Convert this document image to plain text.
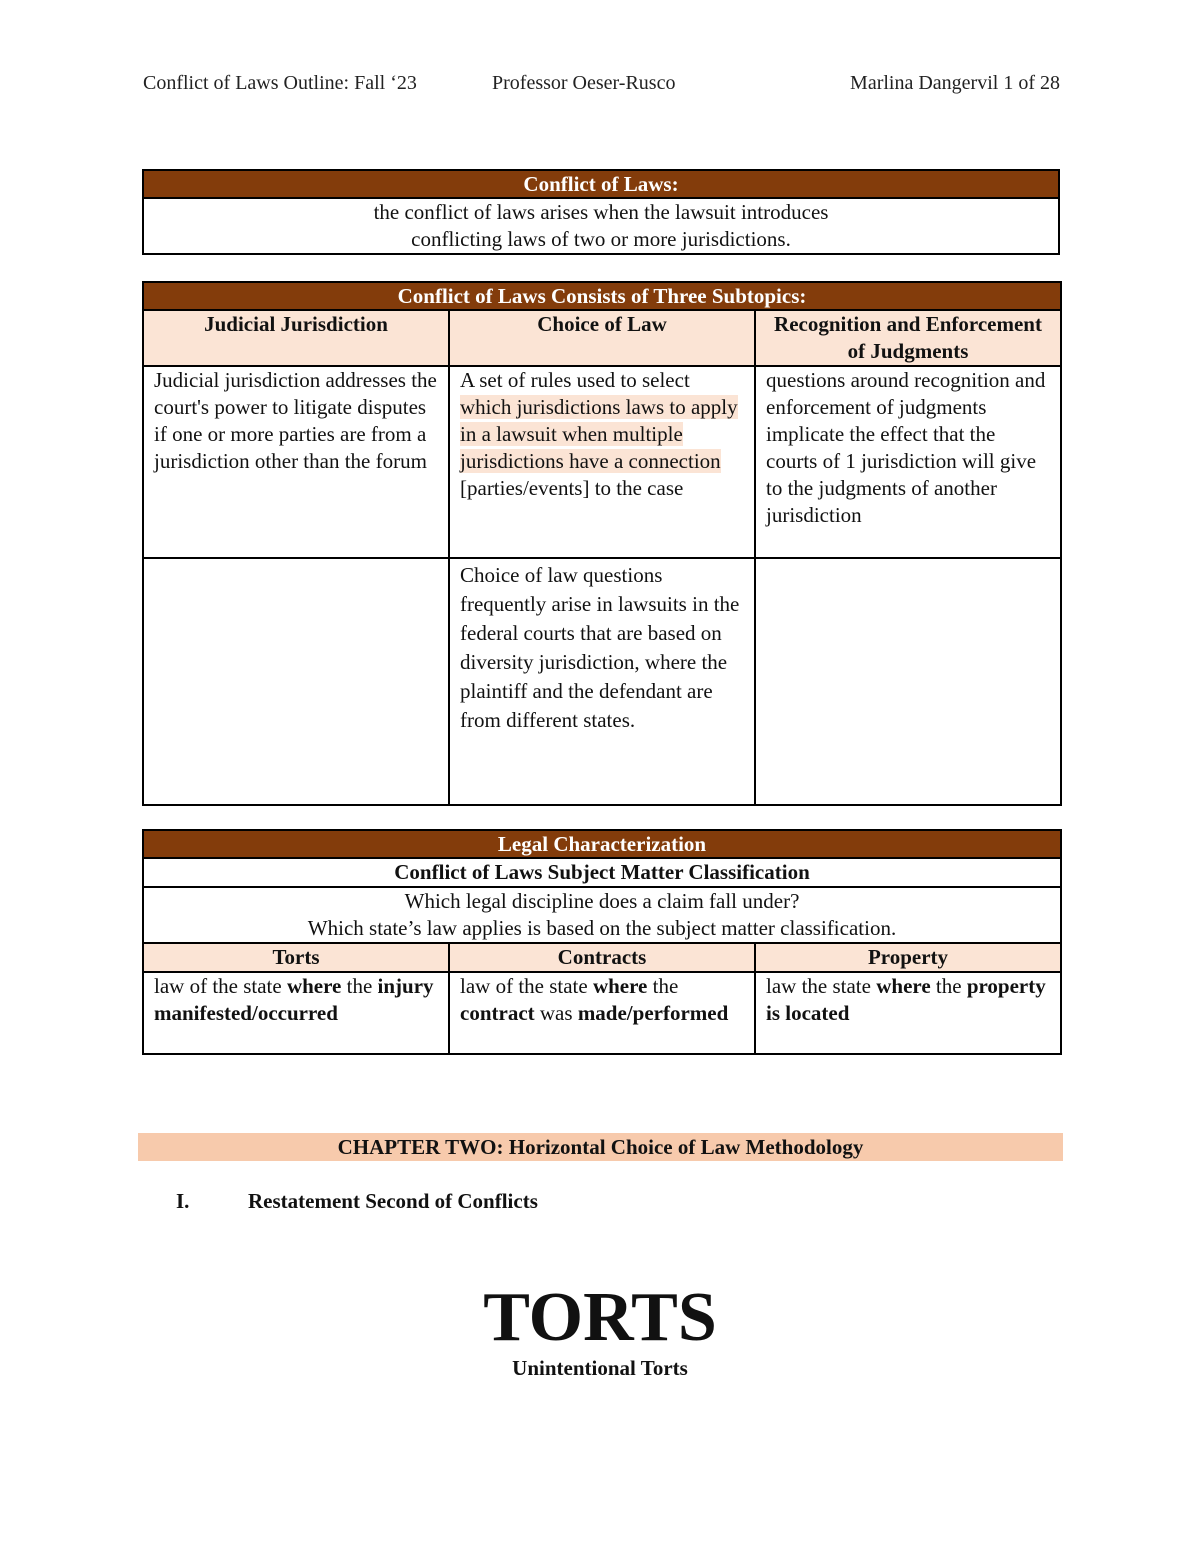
Conflict of Laws Outline: Fall ‘23	Professor Oeser-Rusco	Marlina Dangervil 1 of 28
Conflict of Laws:

the conflict of laws arises when the lawsuit introduces
conflicting laws of two or more jurisdictions.
Conflict of Laws Consists of Three Subtopics:		
Judicial Jurisdiction	Choice of Law	Recognition and Enforcement of Judgments
Judicial jurisdiction addresses the court's power to litigate disputes if one or more parties are from a jurisdiction other than the forum	A set of rules used to select which jurisdictions laws to apply in a lawsuit when multiple jurisdictions have a connection [parties/events] to the case	questions around recognition and enforcement of judgments implicate the effect that the courts of 1 jurisdiction will give to the judgments of another jurisdiction
	Choice of law questions frequently arise in lawsuits in the federal courts that are based on diversity jurisdiction, where the plaintiff and the defendant are from different states.	
Legal Characterization		
Conflict of Laws Subject Matter Classification		

Which legal discipline does a claim fall under?
Which state’s law applies is based on the subject matter classification.		

Torts	Contracts	Property
law of the state where the injury manifested/occurred	law of the state where the contract was made/performed	law the state where the property is located
CHAPTER TWO: Horizontal Choice of Law Methodology
I.	Restatement Second of Conflicts
TORTS
Unintentional Torts
